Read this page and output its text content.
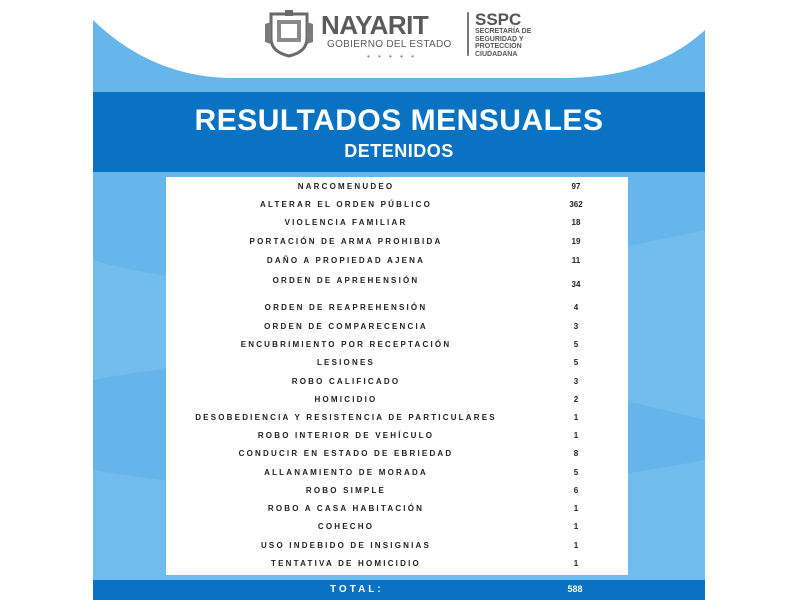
NAYARIT
GOBIERNO DEL ESTADO
• • • • •
SSPC
SECRETARÍA DE SEGURIDAD Y PROTECCIÓN CIUDADANA
RESULTADOS MENSUALES
DETENIDOS
NARCOMENUDEO	97
ALTERAR EL ORDEN PÚBLICO	362
VIOLENCIA FAMILIAR	18
PORTACIÓN DE ARMA PROHIBIDA	19
DAÑO A PROPIEDAD AJENA	11
ORDEN DE APREHENSIÓN	34
ORDEN DE REAPREHENSIÓN	4
ORDEN DE COMPARECENCIA	3
ENCUBRIMIENTO POR RECEPTACIÓN	5
LESIONES	5
ROBO CALIFICADO	3
HOMICIDIO	2
DESOBEDIENCIA Y RESISTENCIA DE PARTICULARES	1
ROBO INTERIOR DE VEHÍCULO	1
CONDUCIR EN ESTADO DE EBRIEDAD	8
ALLANAMIENTO DE MORADA	5
ROBO SIMPLE	6
ROBO A CASA HABITACIÓN	1
COHECHO	1
USO INDEBIDO DE INSIGNIAS	1
TENTATIVA DE HOMICIDIO	1
TOTAL:	588
